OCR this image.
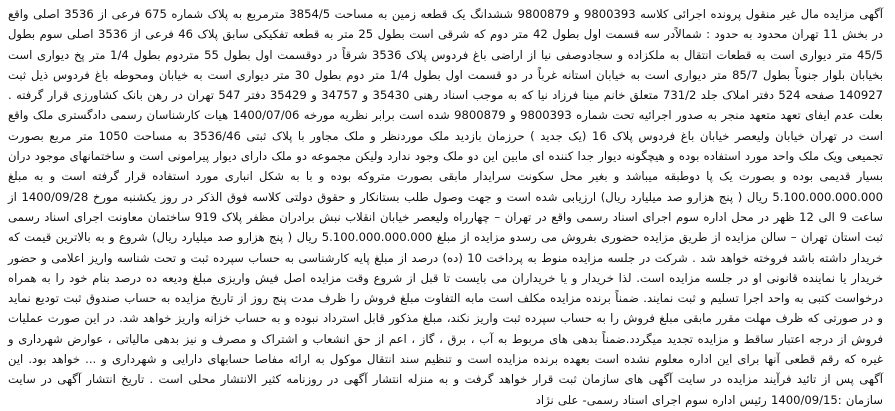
آگهی مزایده مال غیر منقول پرونده اجرائی کلاسه 9800393 و 9800879 ششدانگ یک قطعه زمین به مساحت 3854/5 مترمربع به پلاک شماره 675 فرعی از 3536 اصلی واقع در بخش 11 تهران محدود به حدود : شمالاًدر سه قسمت اول بطول 42 متر دوم که شرقی است بطول 25 متر به قطعه تفکیکی سابق پلاک 46 فرعی از 3536 اصلی سوم بطول 45/5 متر دیواری است به قطعات انتقال به ملکزاده و سجادوصفی نیا از اراضی باغ فردوس پلاک 3536 شرقاً در دوقسمت اول بطول 55 متردوم بطول 1/4 متر پخ دیواری است بخیابان بلوار جنوباً بطول 85/7 متر دیواری است به خیابان استانه غرباً در دو قسمت اول بطول 1/4 متر دوم بطول 30 متر دیواری است به خیابان ومحوطه باغ فردوس ذیل ثبت 140927 صفحه 524 دفتر املاک جلد 731/2 متعلق خانم مینا فرزاد نیا که به موجب اسناد رهنی 35430 و 34757 و 35429 دفتر 547 تهران در رهن بانک کشاورزی قرار گرفته . بعلت عدم ایفای تعهد متعهد منجر به صدور اجرائیه تحت شماره 9800393 و 9800879 شده است برابر نظریه مورخه 1400/07/06 هیات کارشناسان رسمی دادگستری ملک واقع است در تهران خیابان ولیعصر خیابان باغ فردوس پلاک 16 (یک جدید ) حرزمان بازدید ملک موردنظر و ملک مجاور با پلاک ثبتی 3536/46 به مساحت 1050 متر مربع بصورت تجمیعی ویک ملک واحد مورد استفاده بوده و هیچگونه دیوار جدا کننده ای مابین این دو ملک وجود ندارد ولیکن مجموعه دو ملک دارای دیوار پیرامونی است و ساختمانهای موجود دران بسیار قدیمی بوده و بصورت یک پا دوطبقه میباشد و بغیر محل سکونت سرایدار مابقی بصورت متروکه بوده و با به شکل انباری مورد استفاده قرار گرفته است و به مبلغ 5.100.000.000.000 ریال ( پنج هزارو صد میلیارد ریال) ارزیابی شده است و جهت وصول طلب بستانکار و حقوق دولتی کلاسه فوق الذکر در روز یکشنبه مورخ 1400/09/28 از ساعت 9 الی 12 ظهر در محل اداره سوم اجرای اسناد رسمی واقع در تهران – چهارراه ولیعصر خیابان انقلاب نبش برادران مظفر پلاک 919 ساختمان معاونت اجرای اسناد رسمی ثبت استان تهران – سالن مزایده از طریق مزایده حضوری بفروش می رسدو مزایده از مبلغ 5.100.000.000.000 ریال ( پنج هزارو صد میلیارد ریال) شروع و به بالاترین قیمت که خریدار داشته باشد فروخته خواهد شد . شرکت در جلسه مزایده منوط به پرداخت 10 (ده) درصد از مبلغ پایه کارشناسی به حساب سپرده ثبت و تحت شناسه واریز اعلامی و حضور خریدار یا نماینده قانونی او در جلسه مزایده است. لذا خریدار و یا خریداران می بایست تا قبل از شروع وقت مزایده اصل فیش واریزی مبلغ ودیعه ده درصد بنام خود را به همراه درخواست کتبی به واحد اجرا تسلیم و ثبت نمایند. ضمناً برنده مزایده مکلف است مابه التفاوت مبلغ فروش را ظرف مدت پنج روز از تاریخ مزایده به حساب صندوق ثبت تودیع نماید و در صورتی که ظرف مهلت مقرر مابقی مبلغ فروش را به حساب سپرده ثبت واریز نکند، مبلغ مذکور قابل استرداد نبوده و به حساب خزانه واریز خواهد شد. در این صورت عملیات فروش از درجه اعتبار ساقط و مزایده تجدید میگردد.ضمناً بدهی های مربوط به آب ، برق ، گاز ، اعم از حق انشعاب و اشتراک و مصرف و نیز بدهی مالیاتی ، عوارض شهرداری و غیره که رقم قطعی آنها برای این اداره معلوم نشده است بعهده برنده مزایده است و تنظیم سند انتقال موکول به ارائه مفاصا حسابهای دارایی و شهرداری و ... خواهد بود. این آگهی پس از تائید فرآیند مزایده در سایت آگهی های سازمان ثبت قرار خواهد گرفت و به منزله انتشار آگهی در روزنامه کثیر الانتشار محلی است . تاریخ انتشار آگهی در سایت سازمان :1400/09/15 رئیس اداره سوم اجرای اسناد رسمی- علی نژاد
